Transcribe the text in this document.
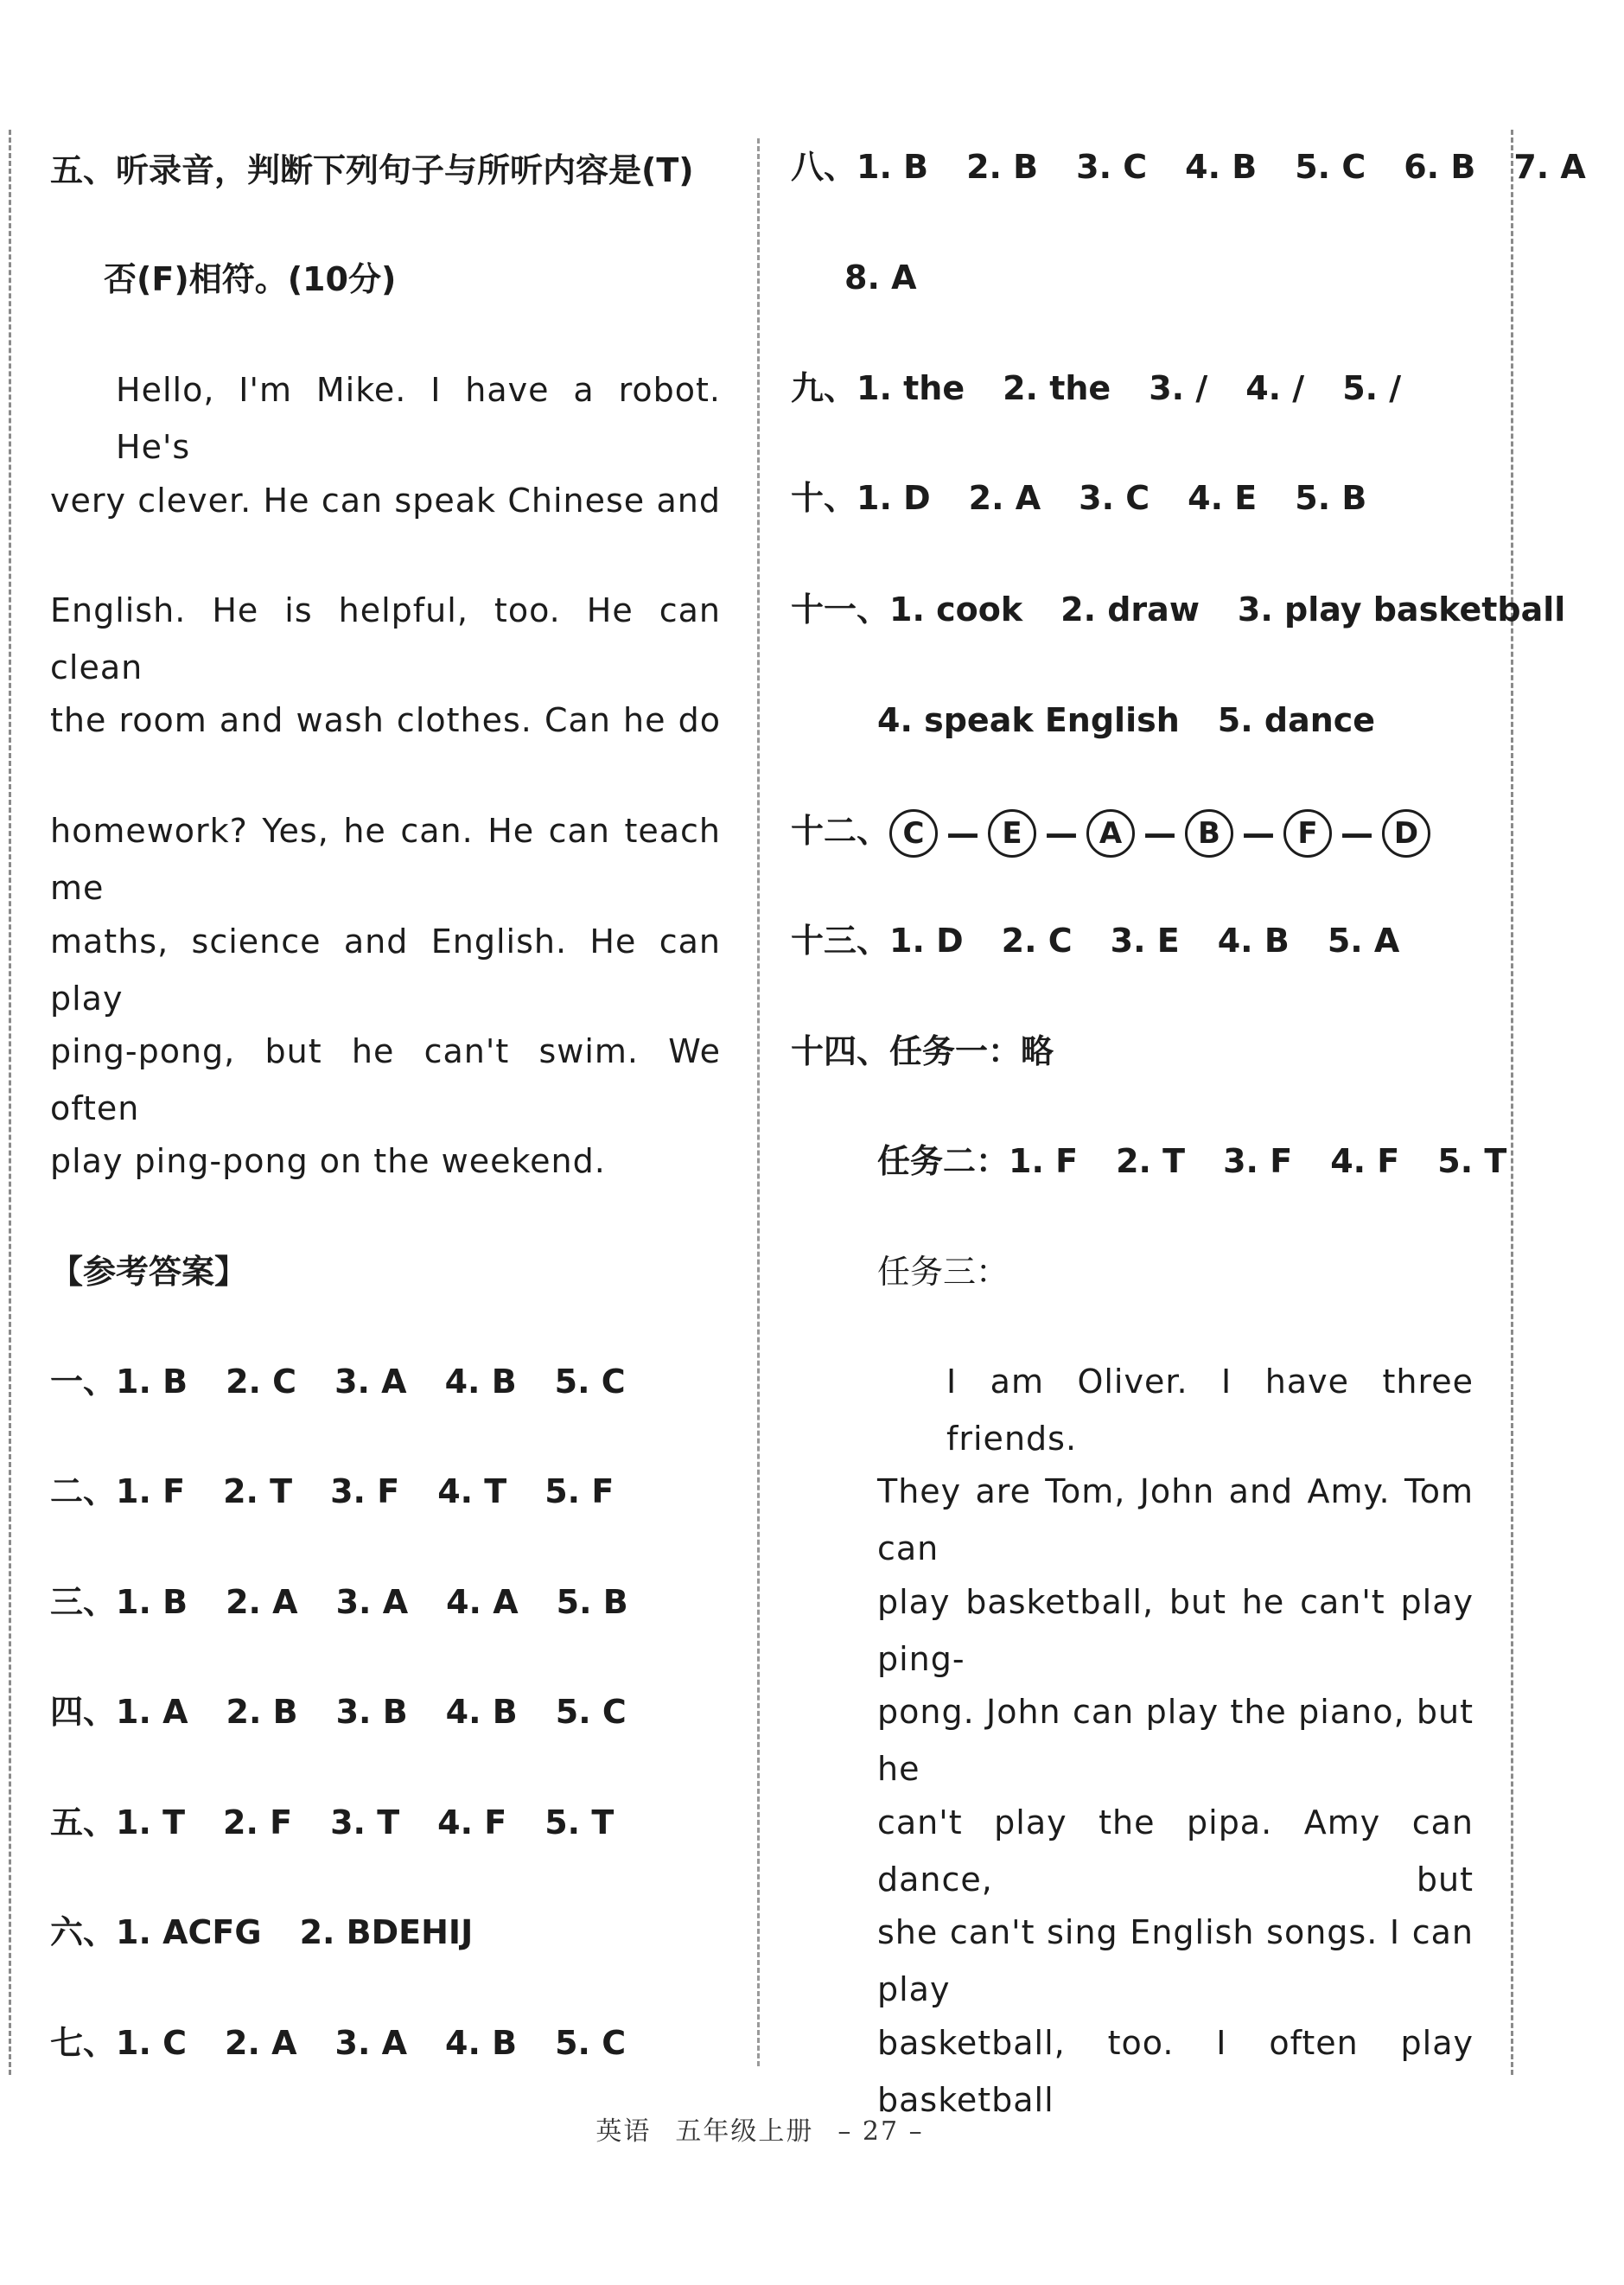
五、听录音，判断下列句子与所听内容是(T)
否(F)相符。(10分)
Hello, I'm Mike. I have a robot. He's
very clever. He can speak Chinese and
English. He is helpful, too. He can clean
the room and wash clothes. Can he do
homework? Yes, he can. He can teach me
maths, science and English. He can play
ping-pong, but he can't swim. We often
play ping-pong on the weekend.
【参考答案】
一、1. B 2. C 3. A 4. B 5. C
二、1. F 2. T 3. F 4. T 5. F
三、1. B 2. A 3. A 4. A 5. B
四、1. A 2. B 3. B 4. B 5. C
五、1. T 2. F 3. T 4. F 5. T
六、1. ACFG 2. BDEHIJ
七、1. C 2. A 3. A 4. B 5. C
八、1. B 2. B 3. C 4. B 5. C 6. B 7. A
8. A
九、1. the 2. the 3. / 4. / 5. /
十、1. D 2. A 3. C 4. E 5. B
十一、1. cook 2. draw 3. play basketball
4. speak English 5. dance
十二、 C — E — A — B — F — D
十三、1. D 2. C 3. E 4. B 5. A
十四、任务一：略
任务二：1. F 2. T 3. F 4. F 5. T
任务三：
I am Oliver. I have three friends.
They are Tom, John and Amy. Tom can
play basketball, but he can't play ping-
pong. John can play the piano, but he
can't play the pipa. Amy can dance, but
she can't sing English songs. I can play
basketball, too. I often play basketball
英语 五年级上册 – 27 –
